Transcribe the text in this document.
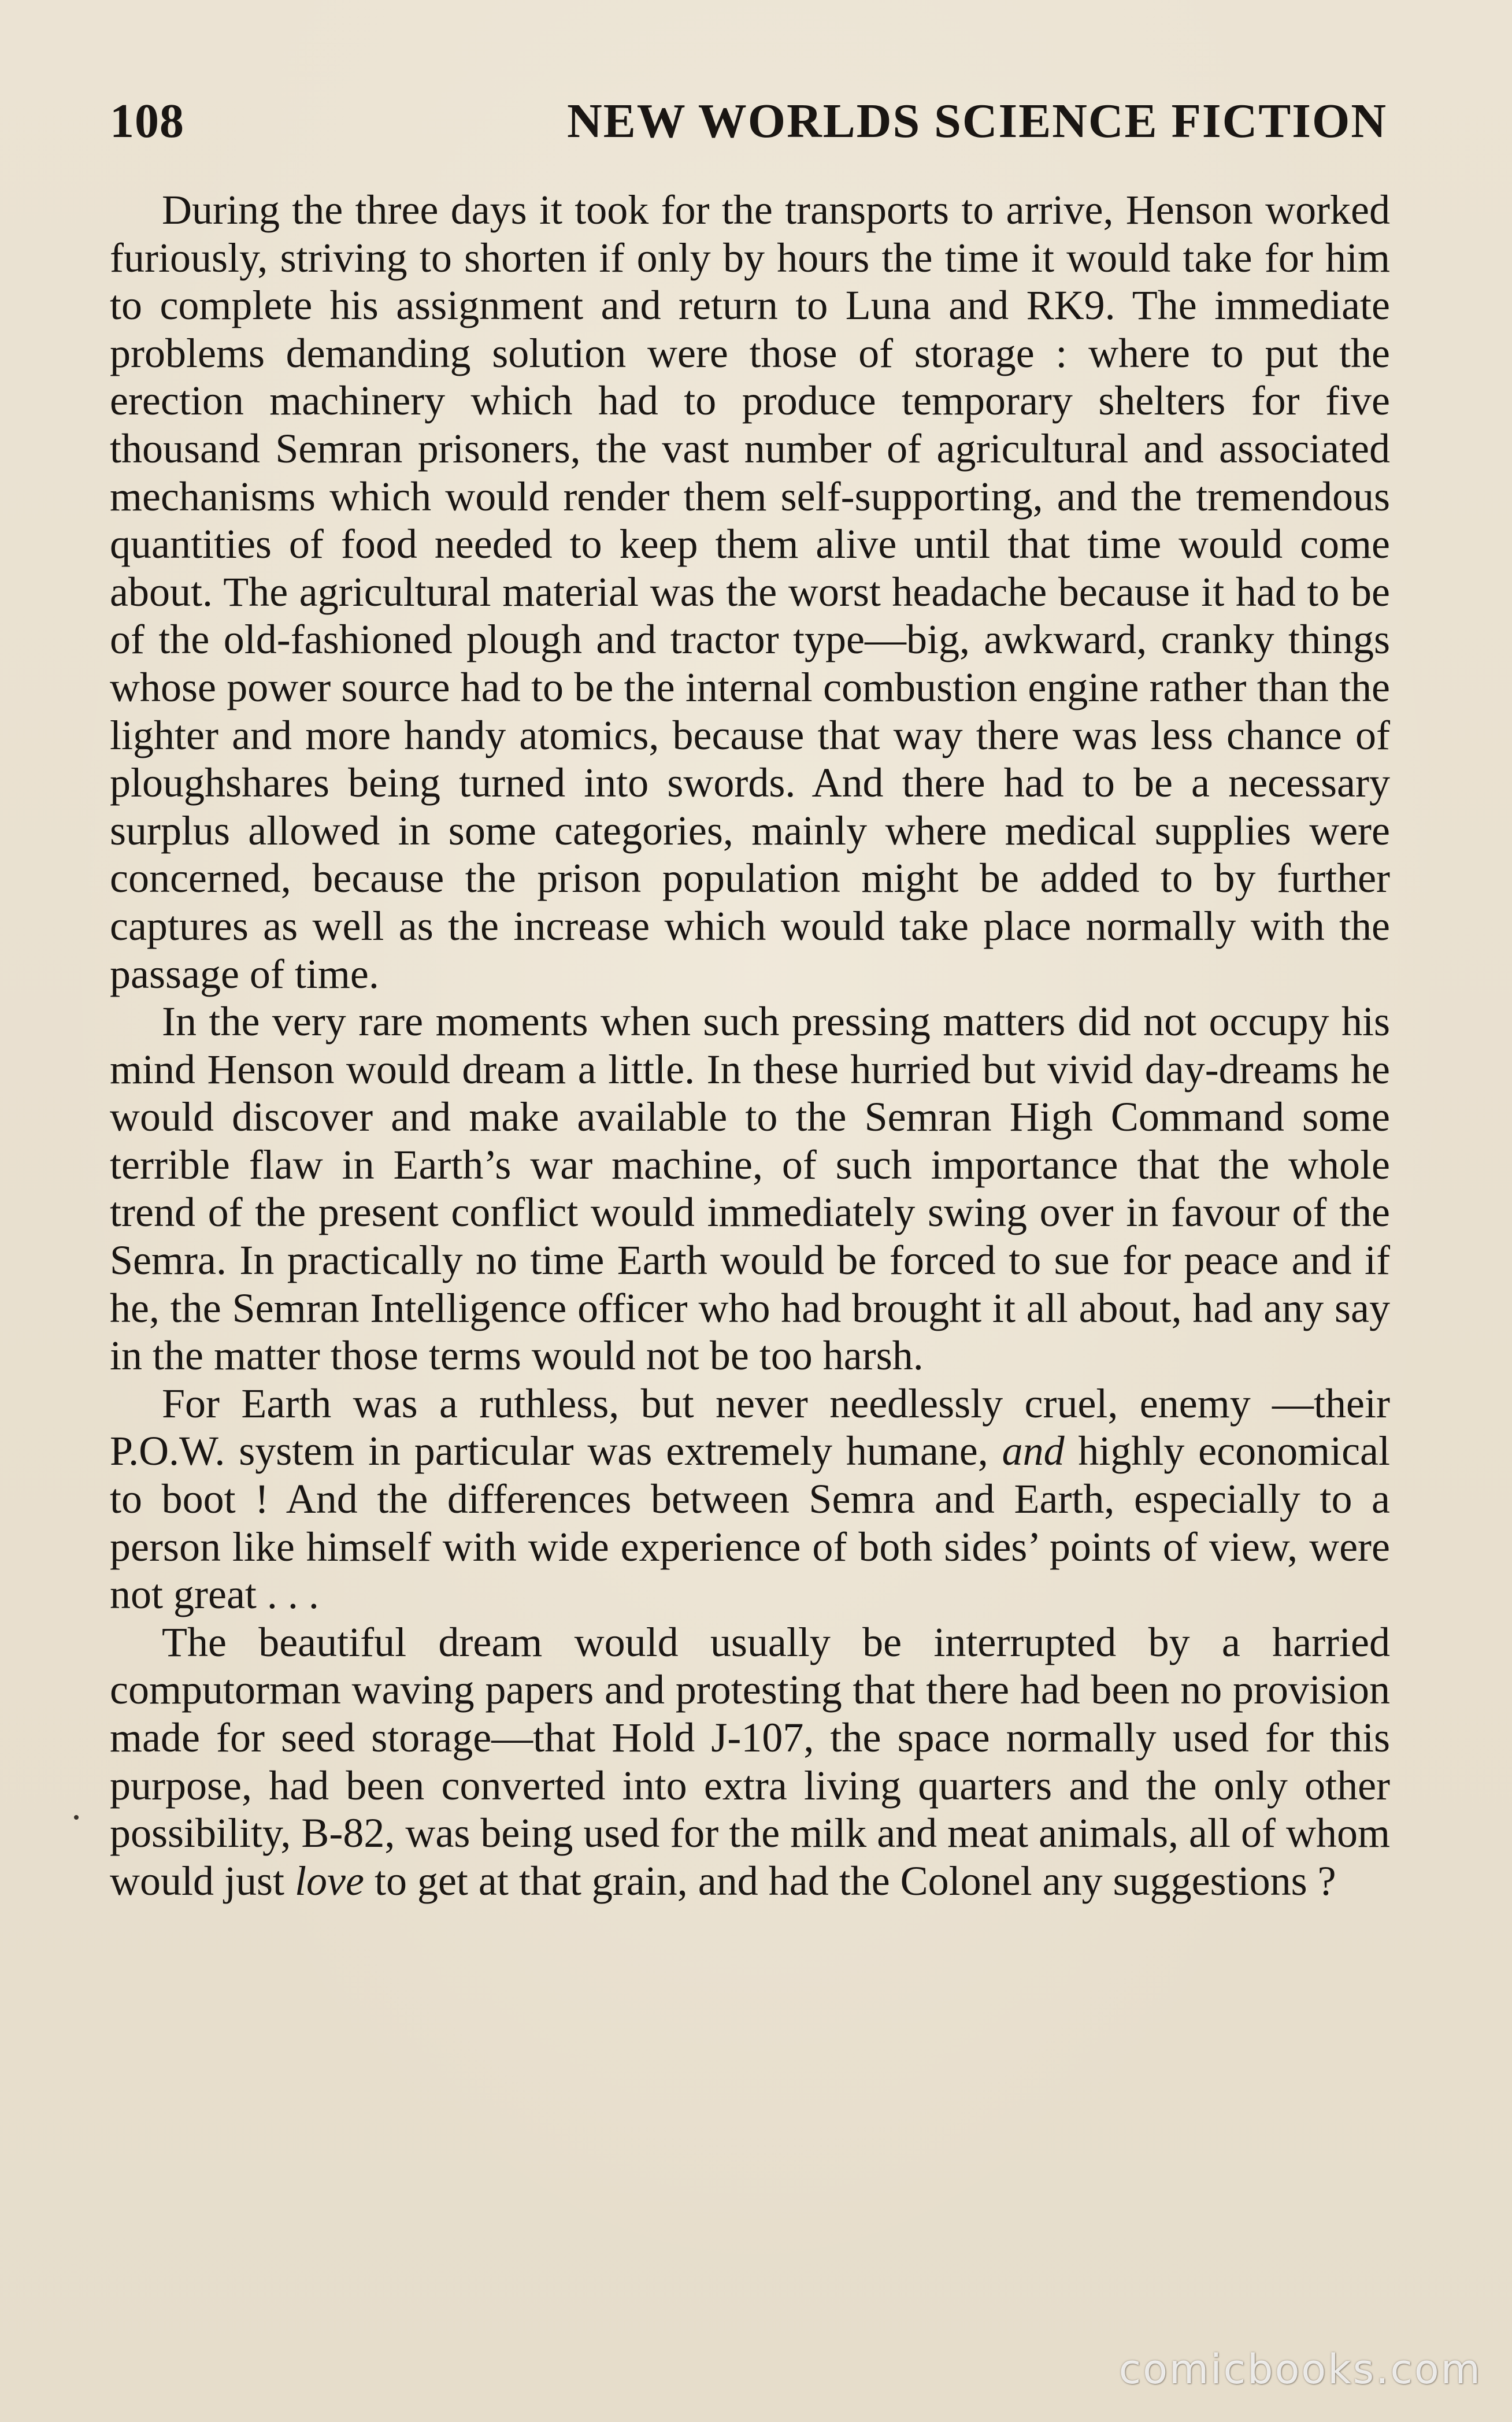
108	NEW WORLDS SCIENCE FICTION

During the three days it took for the transports to arrive, Henson worked furiously, striving to shorten if only by hours the time it would take for him to complete his assignment and return to Luna and RK9. The immediate problems demanding solution were those of storage : where to put the erection machinery which had to produce temporary shelters for five thousand Semran prisoners, the vast number of agricultural and associated mechanisms which would render them self-supporting, and the tremendous quantities of food needed to keep them alive until that time would come about. The agricultural material was the worst headache because it had to be of the old-fashioned plough and tractor type—big, awkward, cranky things whose power source had to be the internal combustion engine rather than the lighter and more handy atomics, because that way there was less chance of ploughshares being turned into swords. And there had to be a necessary surplus allowed in some categories, mainly where medical supplies were concerned, because the prison population might be added to by further captures as well as the increase which would take place normally with the passage of time.

In the very rare moments when such pressing matters did not occupy his mind Henson would dream a little. In these hurried but vivid day-dreams he would discover and make available to the Semran High Command some terrible flaw in Earth’s war machine, of such importance that the whole trend of the present conflict would immediately swing over in favour of the Semra. In practically no time Earth would be forced to sue for peace and if he, the Semran Intelligence officer who had brought it all about, had any say in the matter those terms would not be too harsh.

For Earth was a ruthless, but never needlessly cruel, enemy —their P.O.W. system in particular was extremely humane, and highly economical to boot ! And the differences between Semra and Earth, especially to a person like himself with wide experience of both sides’ points of view, were not great . . .

The beautiful dream would usually be interrupted by a harried computorman waving papers and protesting that there had been no provision made for seed storage—that Hold J-107, the space normally used for this purpose, had been converted into extra living quarters and the only other possibility, B-82, was being used for the milk and meat animals, all of whom would just love to get at that grain, and had the Colonel any suggestions ?

comicbooks.com
